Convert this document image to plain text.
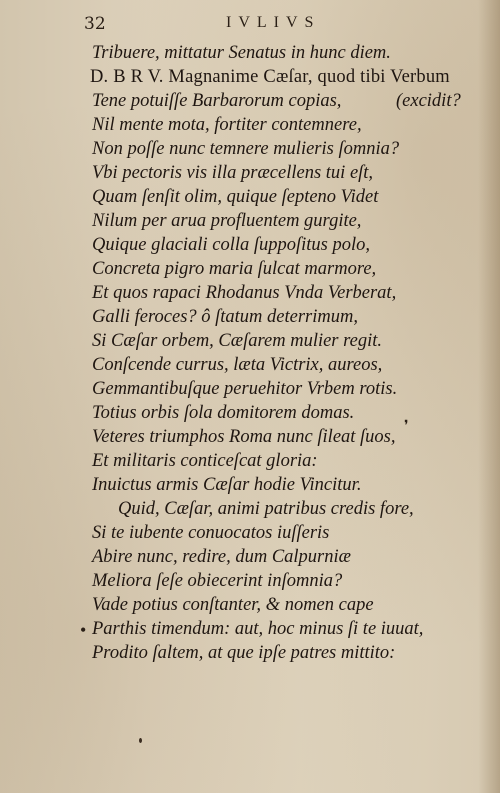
32	IVLIVS
Tribuere, mittatur Senatus in hunc diem.
D. B R V. Magnanime Cæſar, quod tibi Verbum
Tene potuiſſe Barbarorum copias,	(excidit?
Nil mente mota, fortiter contemnere,
Non poſſe nunc temnere mulieris ſomnia?
Vbi pectoris vis illa præcellens tui eſt,
Quam ſenſit olim, quique ſepteno Videt
Nilum per arua profluentem gurgite,
Quique glaciali colla ſuppoſitus polo,
Concreta pigro maria ſulcat marmore,
Et quos rapaci Rhodanus Vnda Verberat,
Galli feroces? ô ſtatum deterrimum,
Si Cæſar orbem, Cæſarem mulier regit.
Conſcende currus, læta Victrix, aureos,
Gemmantibuſque peruehitor Vrbem rotis.
Totius orbis ſola domitorem domas.
Veteres triumphos Roma nunc ſileat ſuos,
Et militaris conticeſcat gloria:
Inuictus armis Cæſar hodie Vincitur.
Quid, Cæſar, animi patribus credis fore,
Si te iubente conuocatos iuſſeris
Abire nunc, redire, dum Calpurniæ
Meliora ſeſe obiecerint inſomnia?
Vade potius conſtanter, & nomen cape
Parthis timendum: aut, hoc minus ſi te iuuat,
Prodito ſaltem, at que ipſe patres mittito:
•
❜
